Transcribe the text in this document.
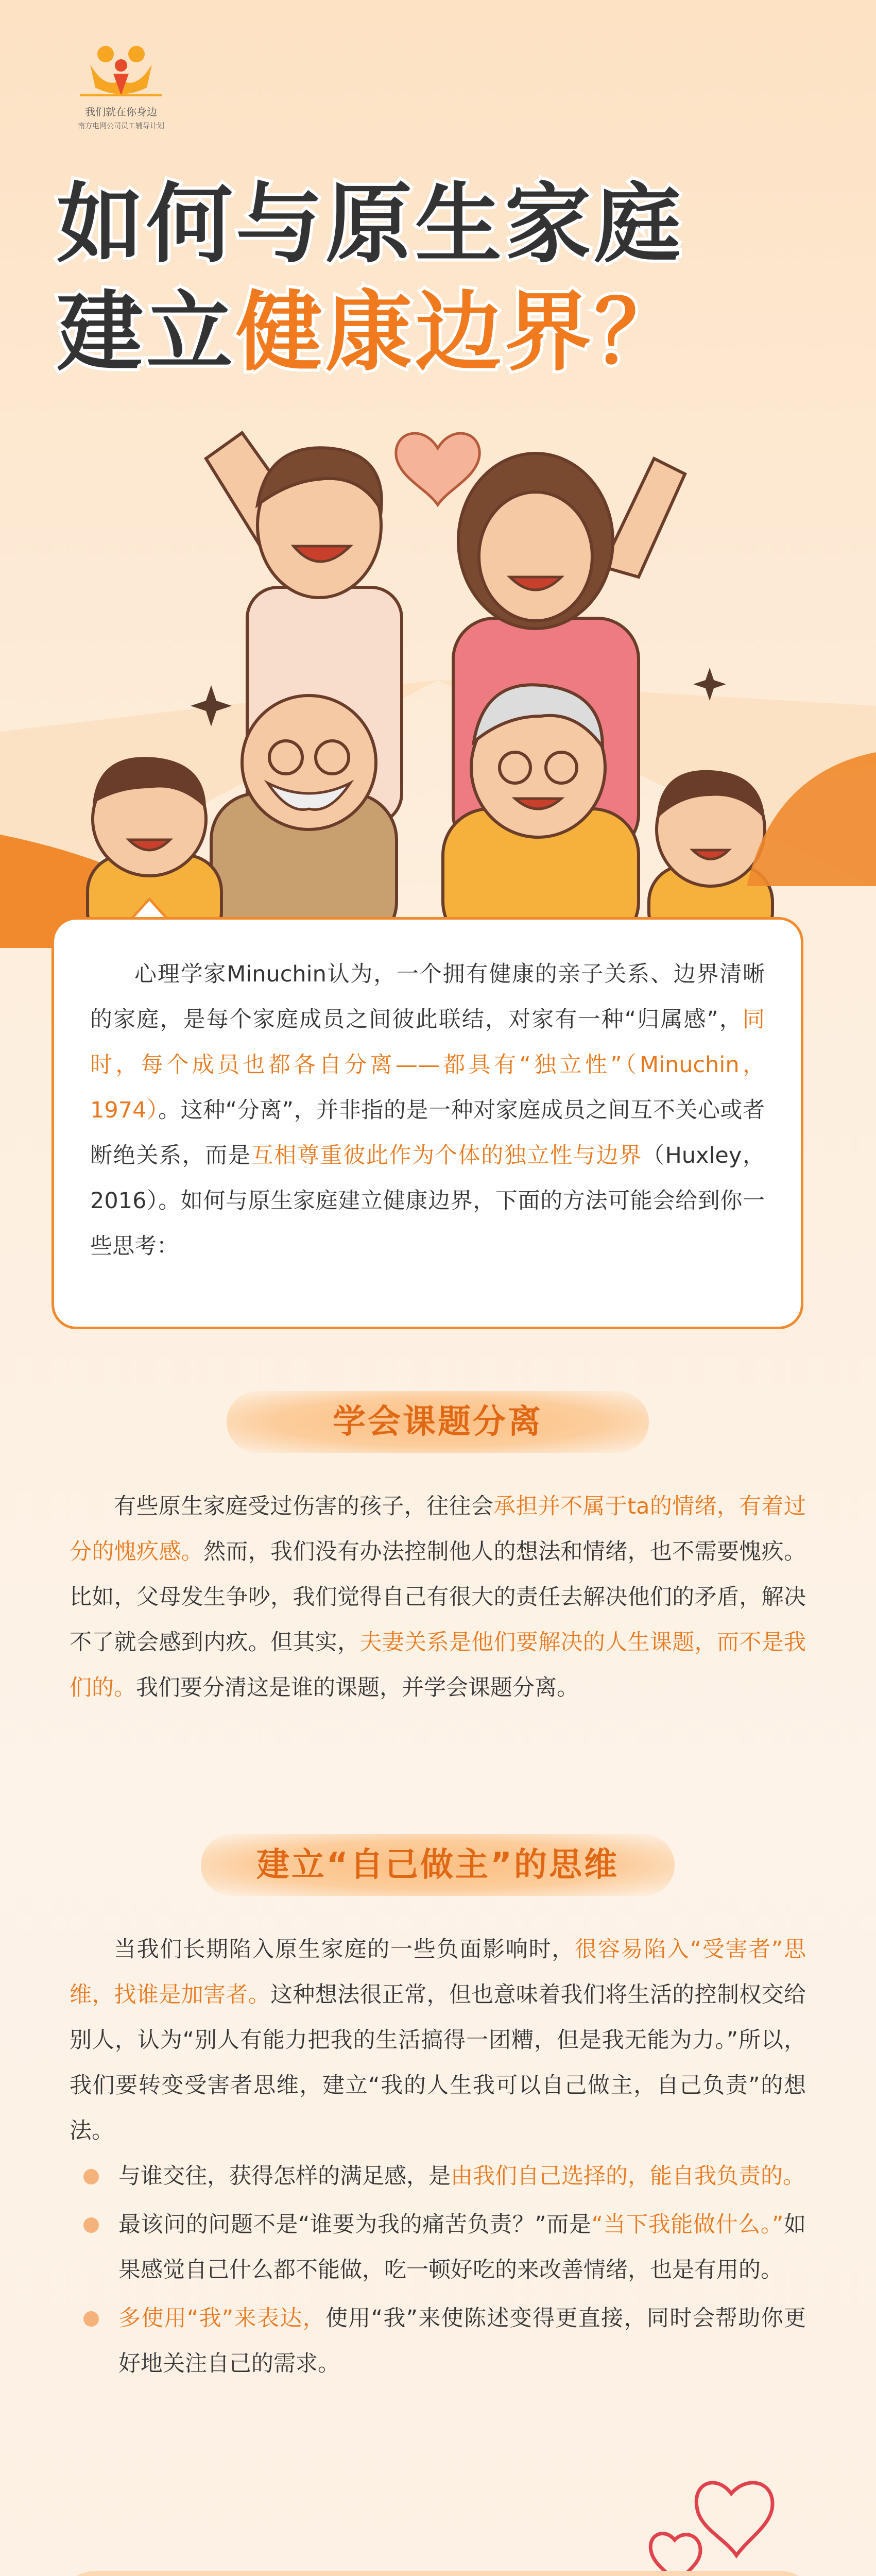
我们就在你身边
南方电网公司员工辅导计划
如何与原生家庭
建立健康边界？

心理学家Minuchin认为，一个拥有健康的亲子关系、边界清晰的家庭，是每个家庭成员之间彼此联结，对家有一种“归属感”，同时，每个成员也都各自分离——都具有“独立性”（Minuchin，1974）。这种“分离”，并非指的是一种对家庭成员之间互不关心或者断绝关系，而是互相尊重彼此作为个体的独立性与边界（Huxley，2016）。如何与原生家庭建立健康边界，下面的方法可能会给到你一些思考：

学会课题分离

有些原生家庭受过伤害的孩子，往往会承担并不属于ta的情绪，有着过分的愧疚感。然而，我们没有办法控制他人的想法和情绪，也不需要愧疚。比如，父母发生争吵，我们觉得自己有很大的责任去解决他们的矛盾，解决不了就会感到内疚。但其实，夫妻关系是他们要解决的人生课题，而不是我们的。我们要分清这是谁的课题，并学会课题分离。

建立“自己做主”的思维

当我们长期陷入原生家庭的一些负面影响时，很容易陷入“受害者”思维，找谁是加害者。这种想法很正常，但也意味着我们将生活的控制权交给别人，认为“别人有能力把我的生活搞得一团糟，但是我无能为力。”所以，我们要转变受害者思维，建立“我的人生我可以自己做主，自己负责”的想法。

与谁交往，获得怎样的满足感，是由我们自己选择的，能自我负责的。
最该问的问题不是“谁要为我的痛苦负责？”而是“当下我能做什么。”如果感觉自己什么都不能做，吃一顿好吃的来改善情绪，也是有用的。
多使用“我”来表达，使用“我”来使陈述变得更直接，同时会帮助你更好地关注自己的需求。
